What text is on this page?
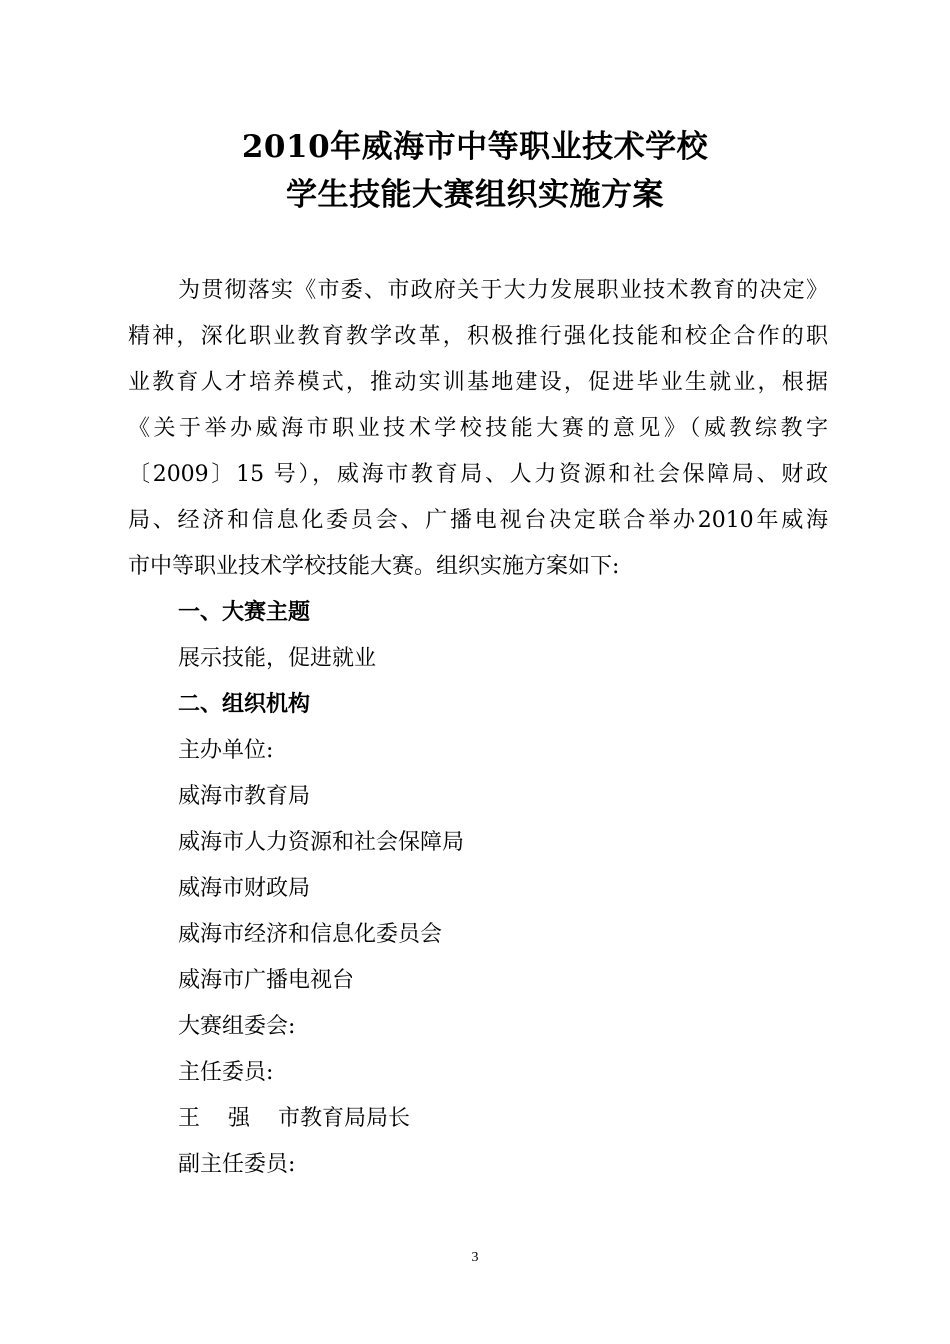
2010年威海市中等职业技术学校
学生技能大赛组织实施方案
为贯彻落实《市委、市政府关于大力发展职业技术教育的决定》
精神，深化职业教育教学改革，积极推行强化技能和校企合作的职
业教育人才培养模式，推动实训基地建设，促进毕业生就业，根据
《关于举办威海市职业技术学校技能大赛的意见》（威教综教字
〔2009〕15 号），威海市教育局、人力资源和社会保障局、财政
局、经济和信息化委员会、广播电视台决定联合举办2010年威海
市中等职业技术学校技能大赛。组织实施方案如下:
一、大赛主题
展示技能，促进就业
二、组织机构
主办单位:
威海市教育局
威海市人力资源和社会保障局
威海市财政局
威海市经济和信息化委员会
威海市广播电视台
大赛组委会:
主任委员:
王 强 市教育局局长
副主任委员:
3
